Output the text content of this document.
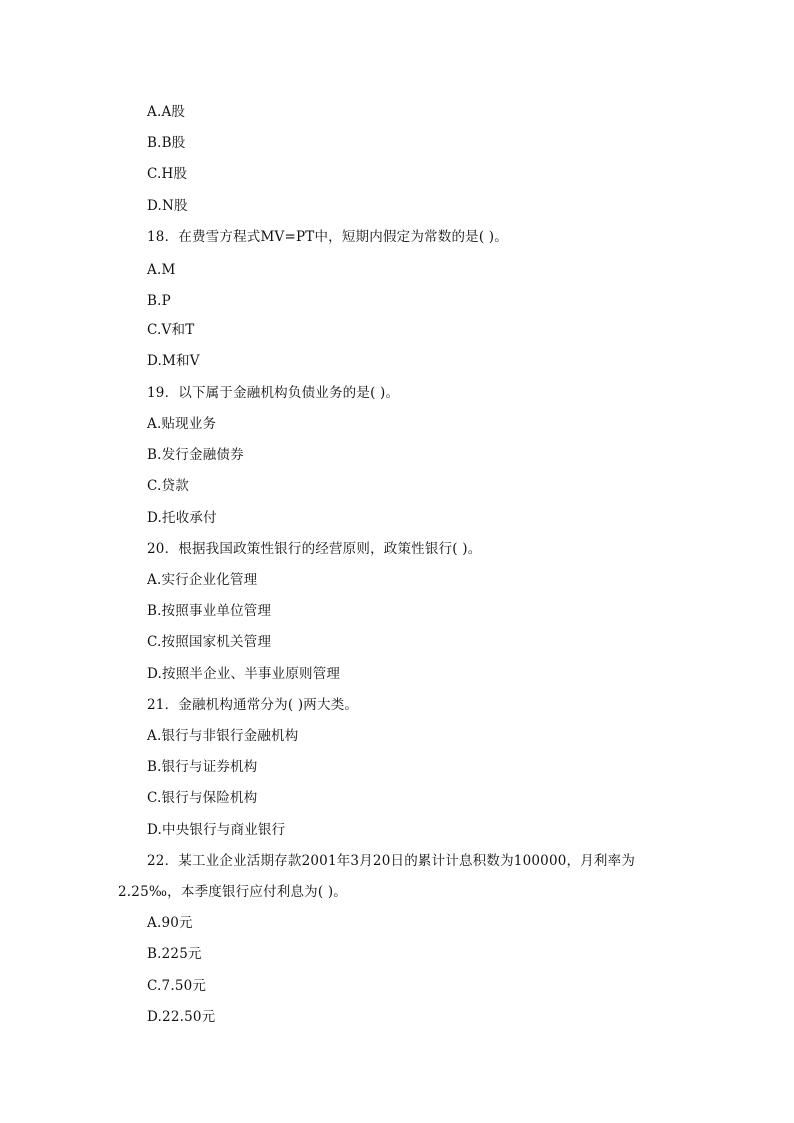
A.A股
B.B股
C.H股
D.N股
18．在费雪方程式MV=PT中，短期内假定为常数的是( )。
A.M
B.P
C.V和T
D.M和V
19．以下属于金融机构负债业务的是( )。
A.贴现业务
B.发行金融债券
C.贷款
D.托收承付
20．根据我国政策性银行的经营原则，政策性银行( )。
A.实行企业化管理
B.按照事业单位管理
C.按照国家机关管理
D.按照半企业、半事业原则管理
21．金融机构通常分为( )两大类。
A.银行与非银行金融机构
B.银行与证券机构
C.银行与保险机构
D.中央银行与商业银行
22．某工业企业活期存款2001年3月20日的累计计息积数为100000，月利率为
2.25‰，本季度银行应付利息为( )。
A.90元
B.225元
C.7.50元
D.22.50元
